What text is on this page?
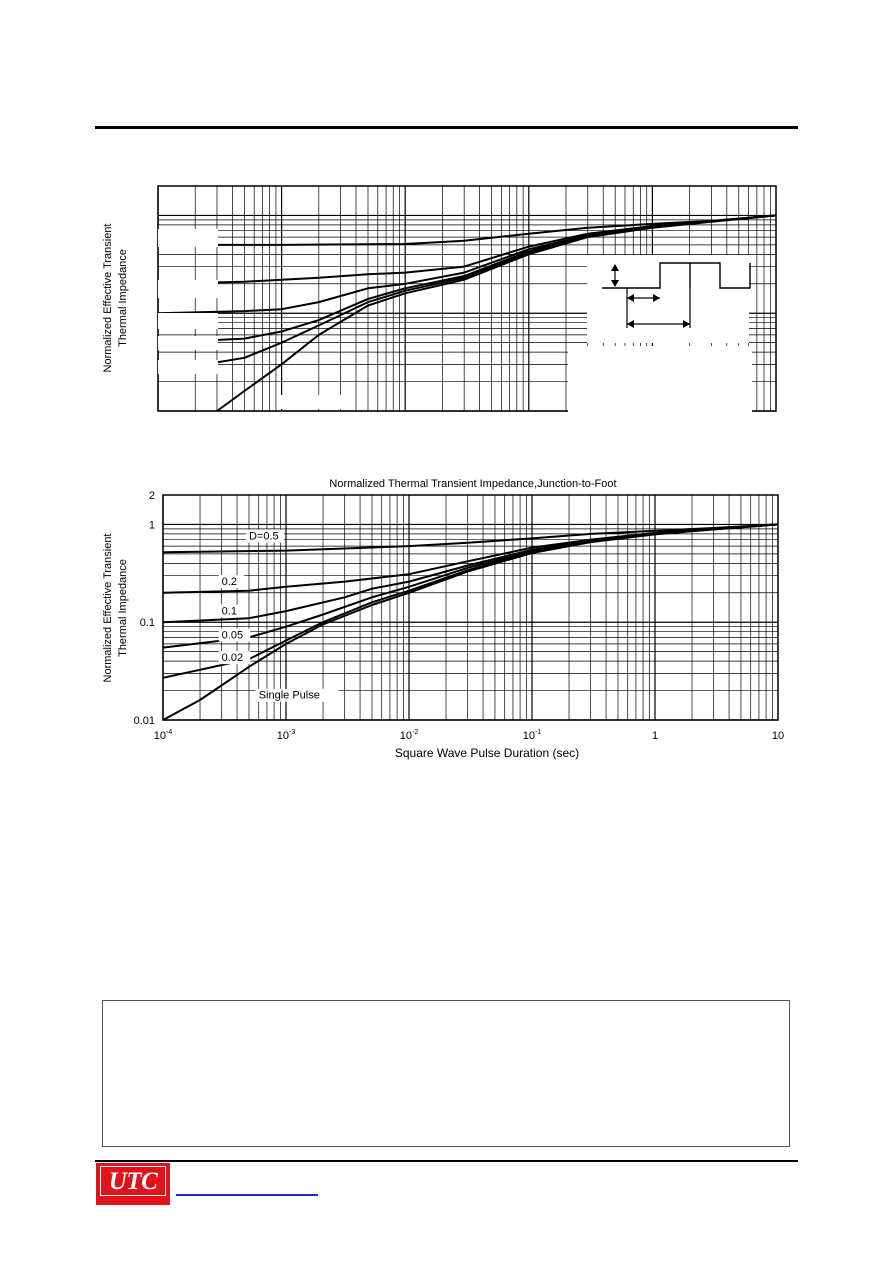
Normalized Effective Transient Thermal Impedance
Normalized Thermal Transient Impedance,Junction-to-Foot
D=0.5
0.2
0.1
0.05
0.02
Single Pulse
2
1
0.1
0.01
$10^{-4}$	$10^{-3}$	$10^{-2}$	$10^{-1}$	1	10
Square Wave Pulse Duration (sec)
Normalized Effective Transient Thermal Impedance
UTC
